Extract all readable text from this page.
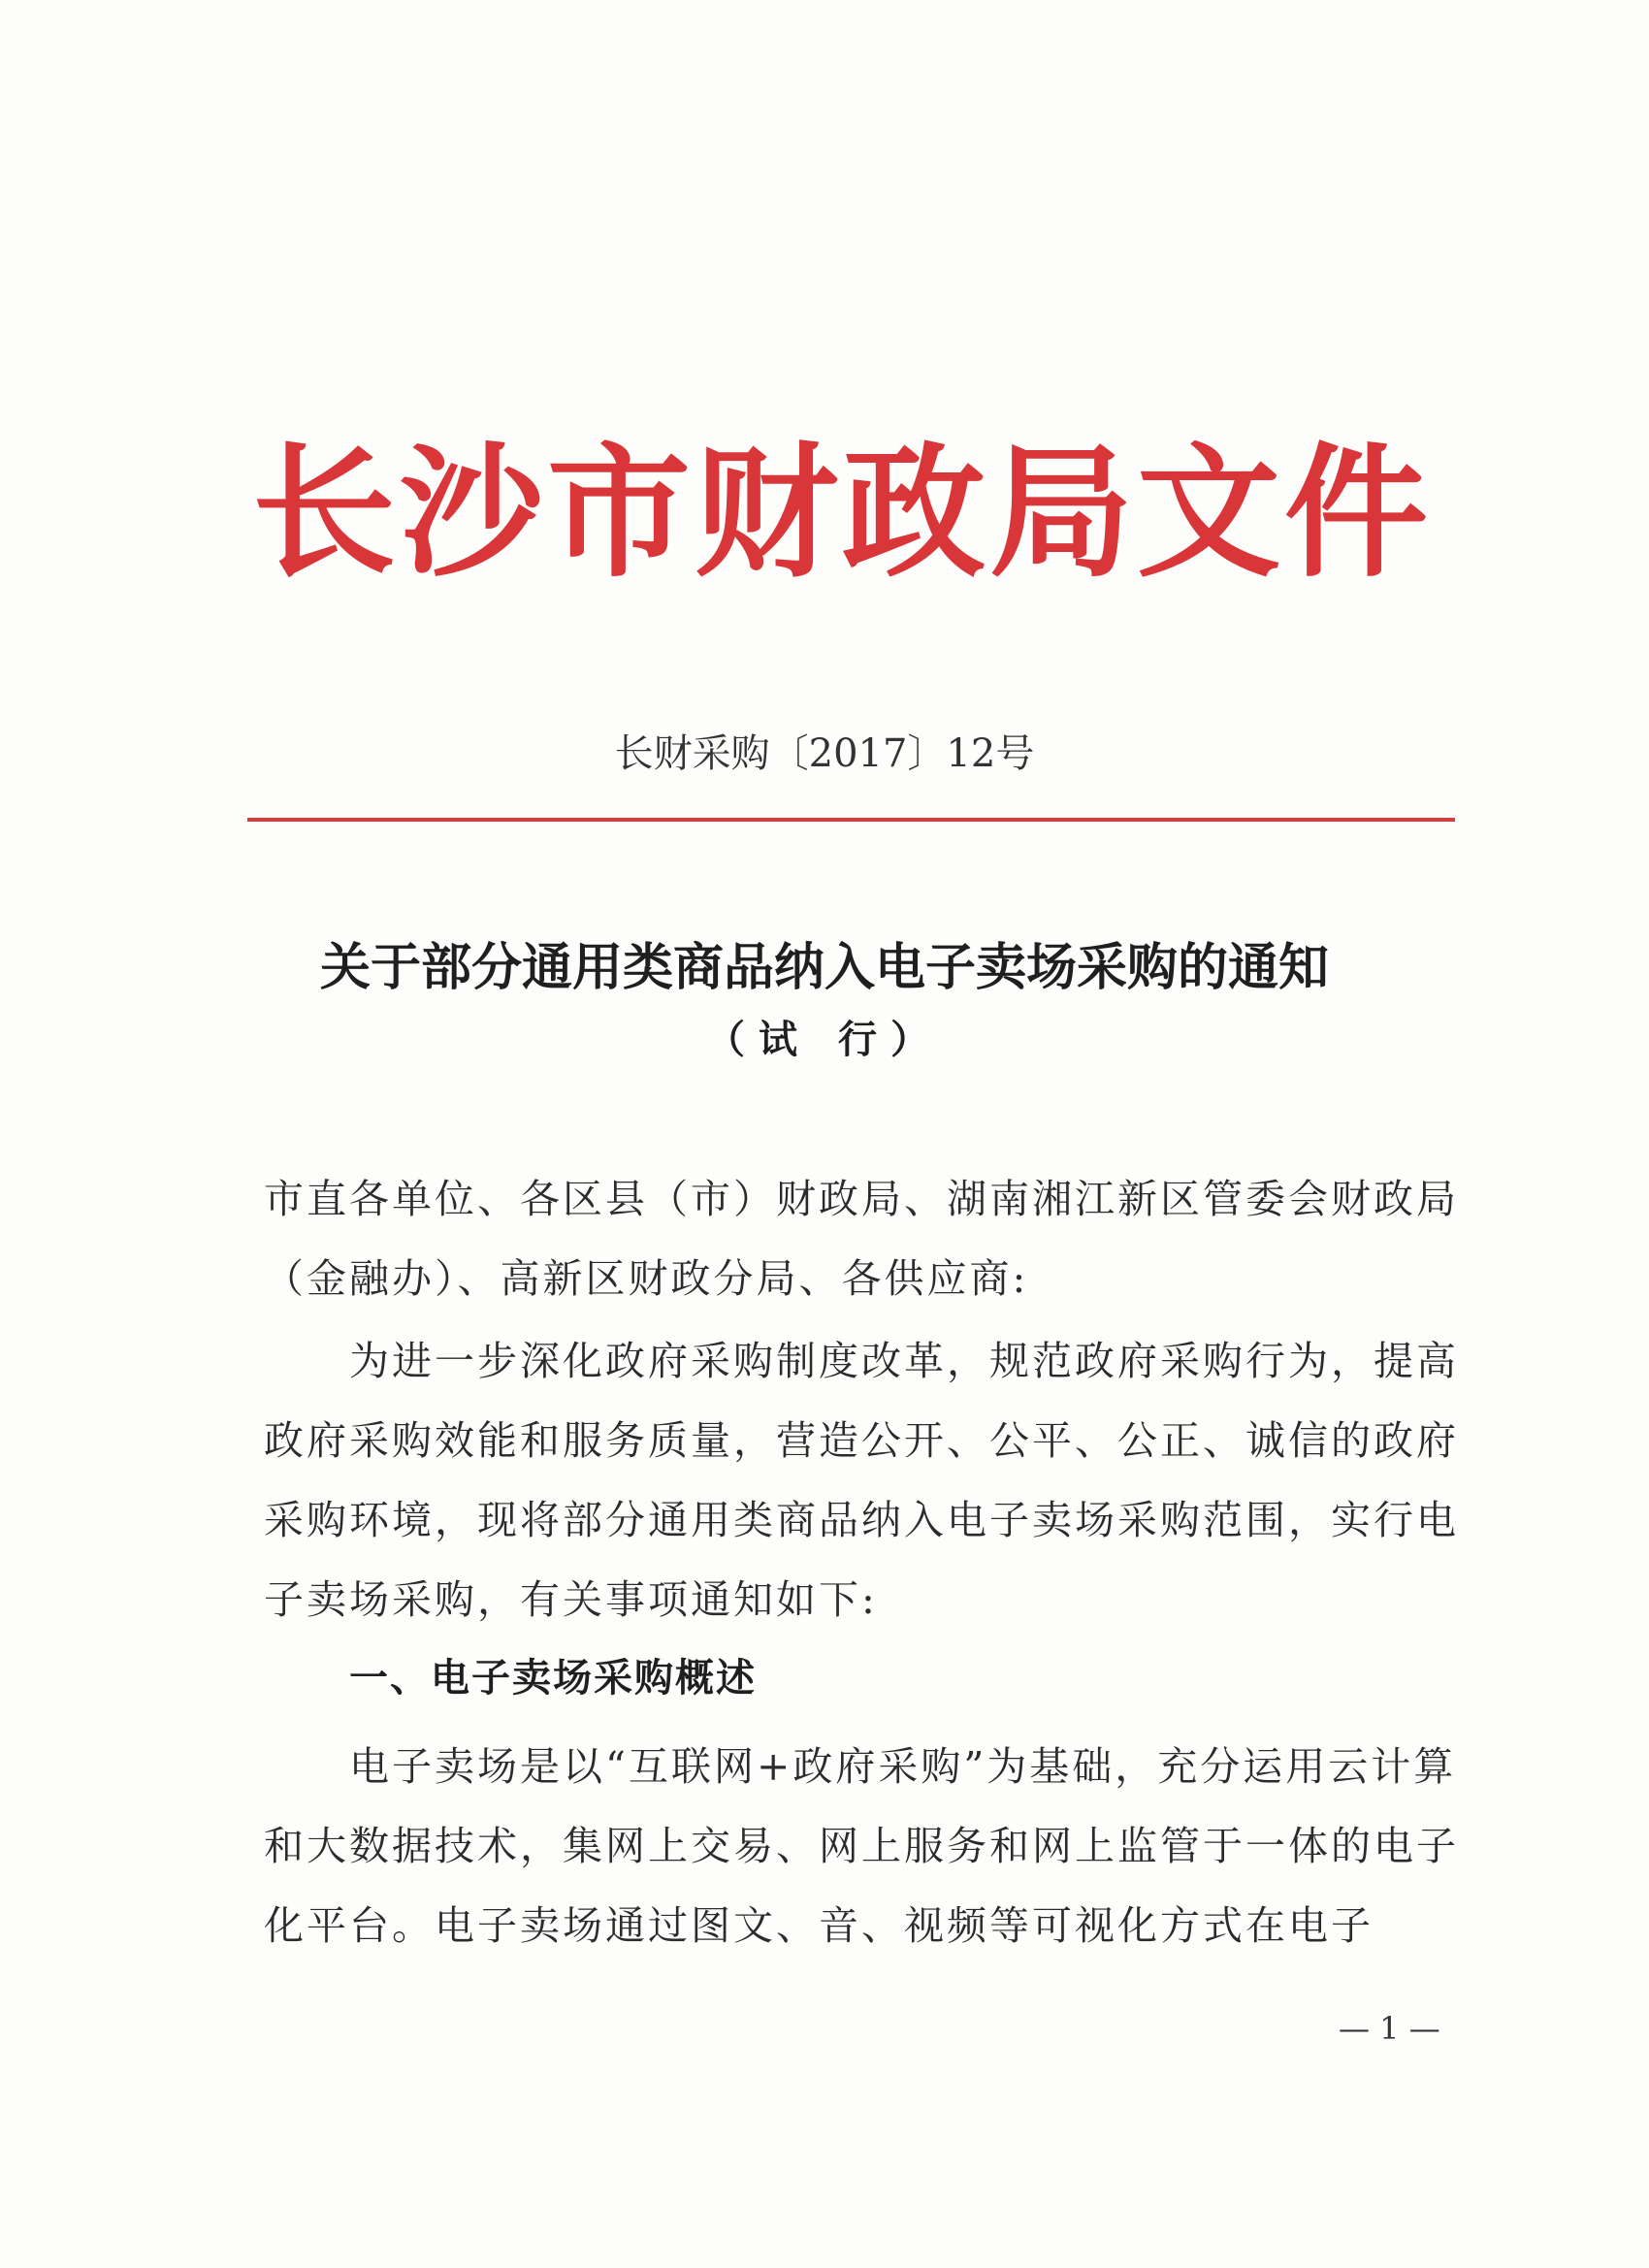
长沙市财政局文件
长财采购〔2017〕12号
关于部分通用类商品纳入电子卖场采购的通知
（试 行）
市直各单位、各区县（市）财政局、湖南湘江新区管委会财政局（金融办）、高新区财政分局、各供应商:
为进一步深化政府采购制度改革，规范政府采购行为，提高政府采购效能和服务质量，营造公开、公平、公正、诚信的政府采购环境，现将部分通用类商品纳入电子卖场采购范围，实行电子卖场采购，有关事项通知如下:
一、电子卖场采购概述
电子卖场是以“互联网+政府采购”为基础，充分运用云计算和大数据技术，集网上交易、网上服务和网上监管于一体的电子化平台。电子卖场通过图文、音、视频等可视化方式在电子
— 1 —
